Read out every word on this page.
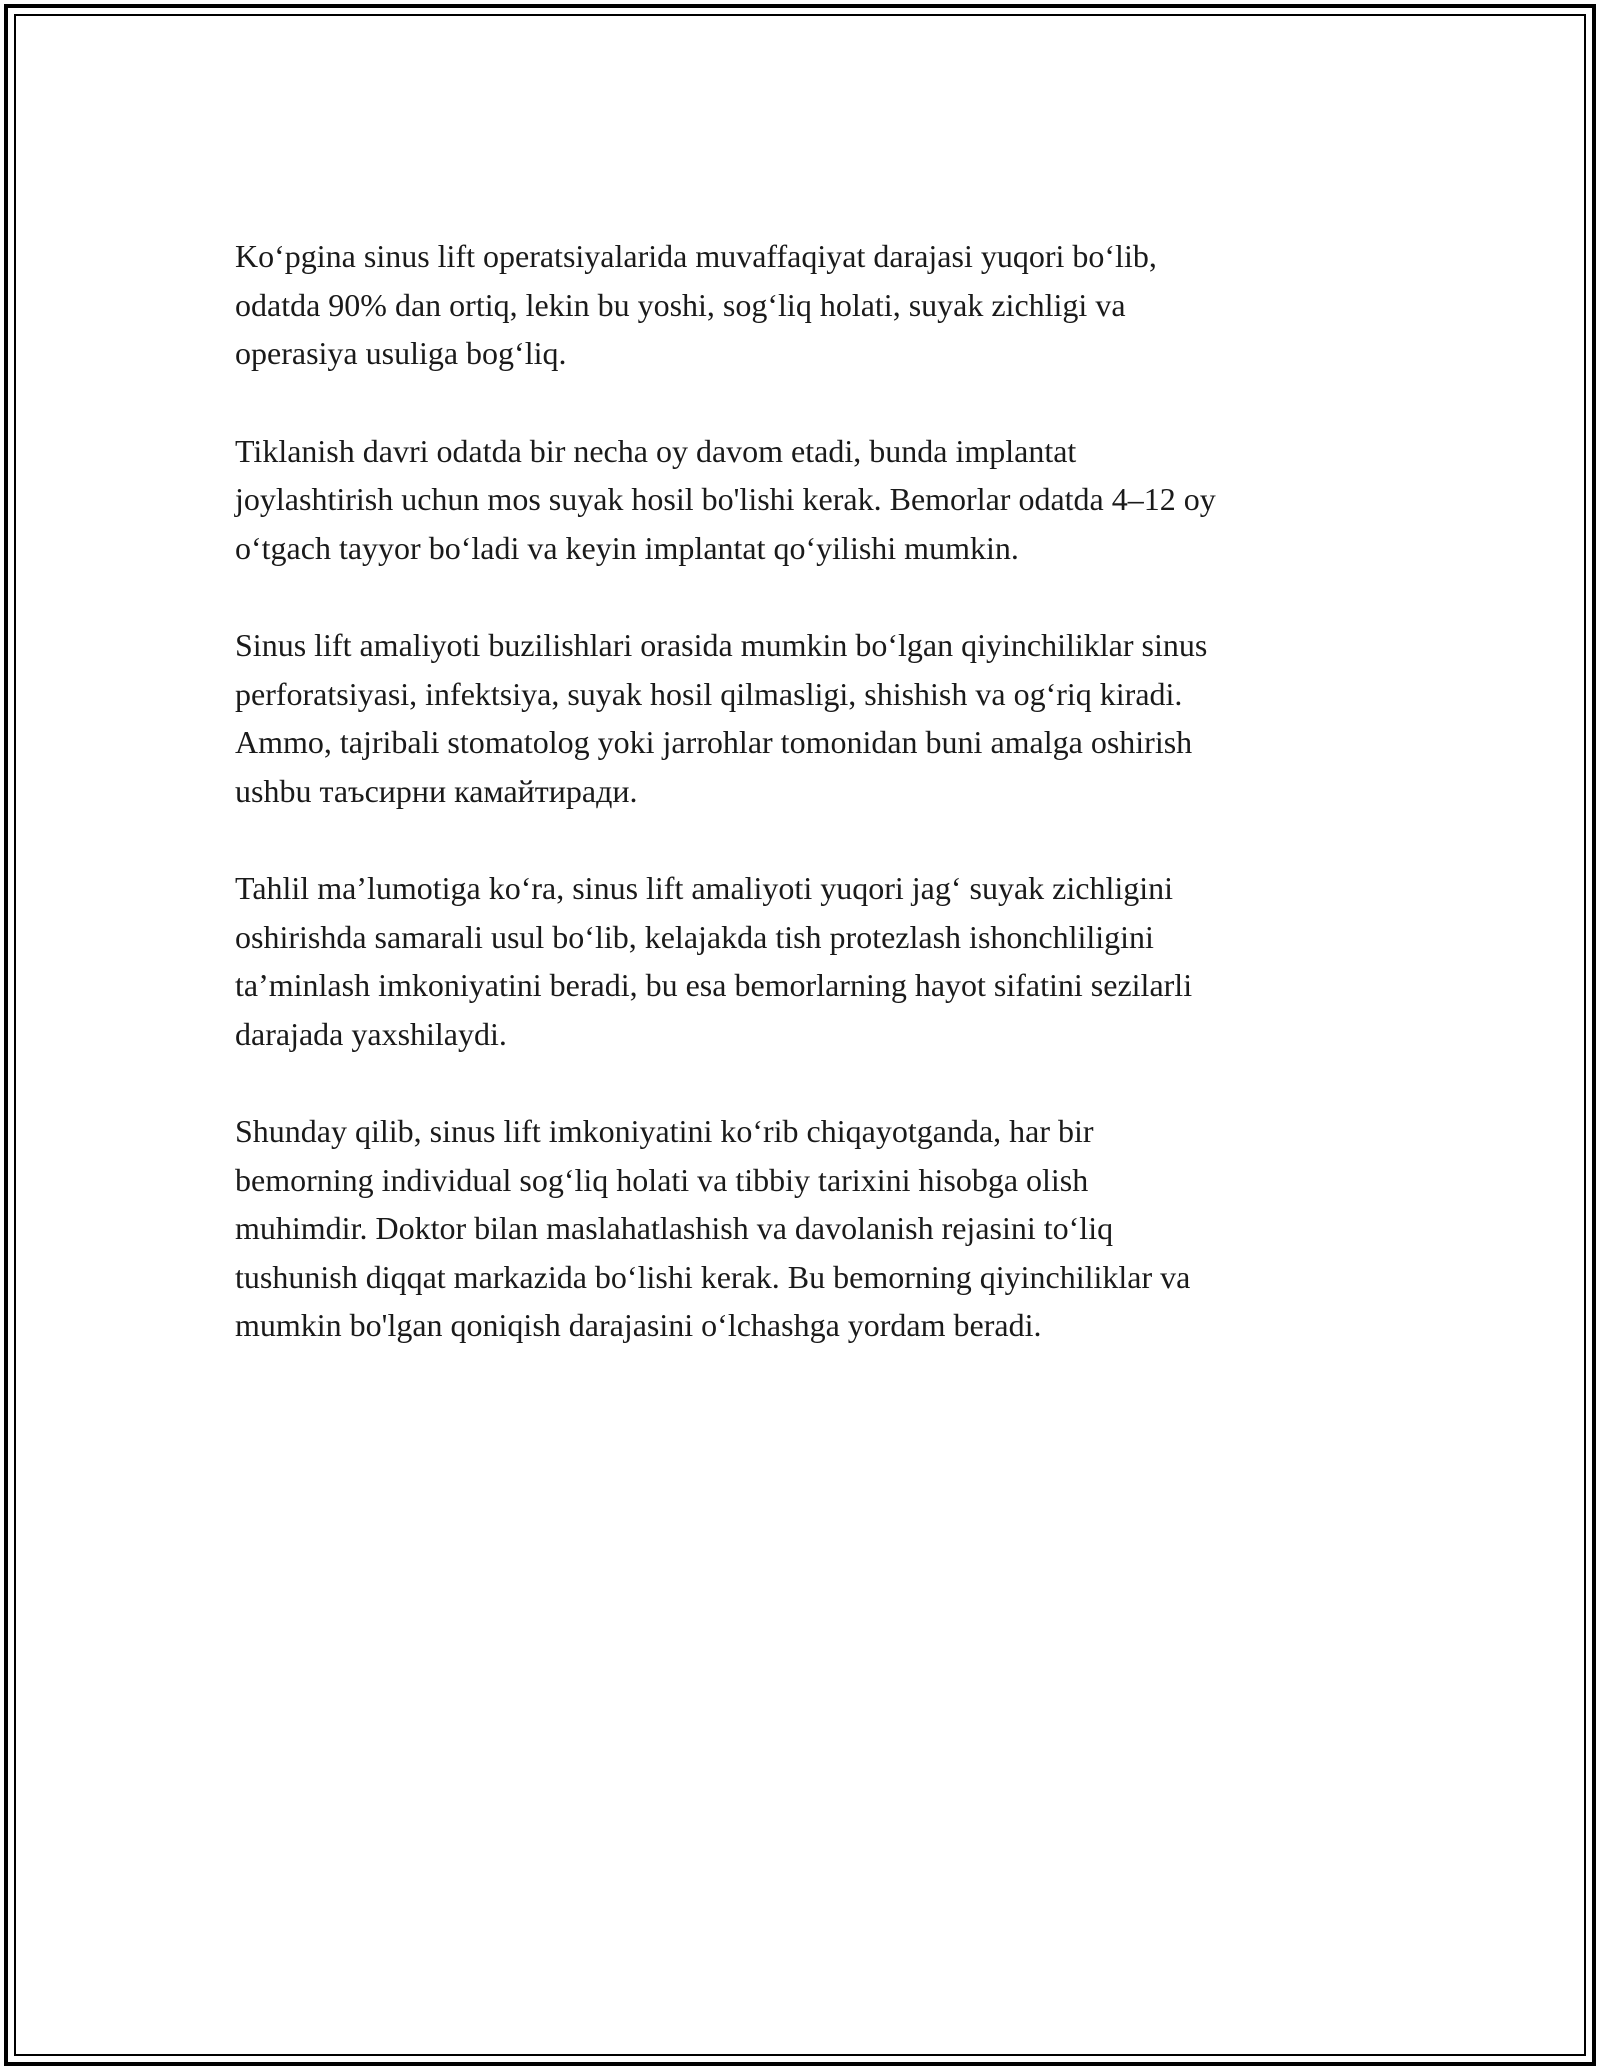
Ko‘pgina sinus lift operatsiyalarida muvaffaqiyat darajasi yuqori bo‘lib,
odatda 90% dan ortiq, lekin bu yoshi, sog‘liq holati, suyak zichligi va
operasiya usuliga bog‘liq.

Tiklanish davri odatda bir necha oy davom etadi, bunda implantat
joylashtirish uchun mos suyak hosil bo'lishi kerak. Bemorlar odatda 4–12 oy
o‘tgach tayyor bo‘ladi va keyin implantat qo‘yilishi mumkin.

Sinus lift amaliyoti buzilishlari orasida mumkin bo‘lgan qiyinchiliklar sinus
perforatsiyasi, infektsiya, suyak hosil qilmasligi, shishish va og‘riq kiradi.
Ammo, tajribali stomatolog yoki jarrohlar tomonidan buni amalga oshirish
ushbu таъсирни камайтиради.

Tahlil ma’lumotiga ko‘ra, sinus lift amaliyoti yuqori jag‘ suyak zichligini
oshirishda samarali usul bo‘lib, kelajakda tish protezlash ishonchliligini
ta’minlash imkoniyatini beradi, bu esa bemorlarning hayot sifatini sezilarli
darajada yaxshilaydi.

Shunday qilib, sinus lift imkoniyatini ko‘rib chiqayotganda, har bir
bemorning individual sog‘liq holati va tibbiy tarixini hisobga olish
muhimdir. Doktor bilan maslahatlashish va davolanish rejasini to‘liq
tushunish diqqat markazida bo‘lishi kerak. Bu bemorning qiyinchiliklar va
mumkin bo'lgan qoniqish darajasini o‘lchashga yordam beradi.
